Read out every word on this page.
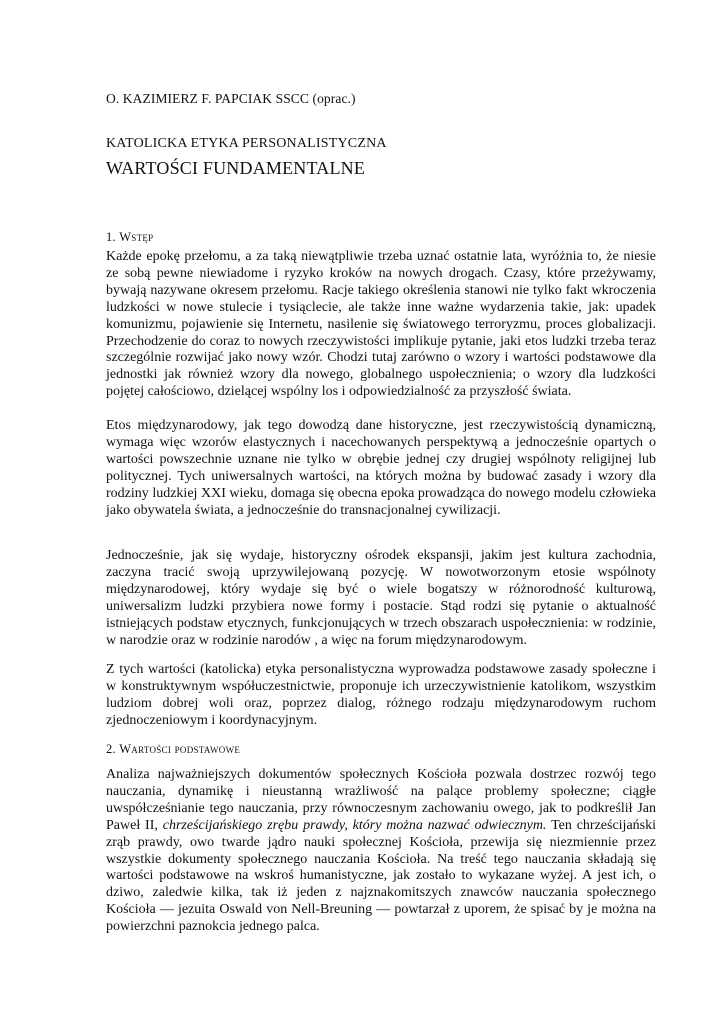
O. KAZIMIERZ F. PAPCIAK SSCC (oprac.)
KATOLICKA ETYKA PERSONALISTYCZNA
WARTOŚCI FUNDAMENTALNE
1. Wstęp

Każde epokę przełomu, a za taką niewątpliwie trzeba uznać ostatnie lata, wyróżnia to, że niesie ze sobą pewne niewiadome i ryzyko kroków na nowych drogach. Czasy, które przeżywamy, bywają nazywane okresem przełomu. Racje takiego określenia stanowi nie tylko fakt wkroczenia ludzkości w nowe stulecie i tysiąclecie, ale także inne ważne wydarzenia takie, jak: upadek komunizmu, pojawienie się Internetu, nasilenie się światowego terroryzmu, proces globalizacji. Przechodzenie do coraz to nowych rzeczywistości implikuje pytanie, jaki etos ludzki trzeba teraz szczególnie rozwijać jako nowy wzór. Chodzi tutaj zarówno o wzory i wartości podstawowe dla jednostki jak również wzory dla nowego, globalnego uspołecznienia; o wzory dla ludzkości pojętej całościowo, dzielącej wspólny los i odpowiedzialność za przyszłość świata.

Etos międzynarodowy, jak tego dowodzą dane historyczne, jest rzeczywistością dynamiczną, wymaga więc wzorów elastycznych i nacechowanych perspektywą a jednocześnie opartych o wartości powszechnie uznane nie tylko w obrębie jednej czy drugiej wspólnoty religijnej lub politycznej. Tych uniwersalnych wartości, na których można by budować zasady i wzory dla rodziny ludzkiej XXI wieku, domaga się obecna epoka prowadząca do nowego modelu człowieka jako obywatela świata, a jednocześnie do transnacjonalnej cywilizacji.

Jednocześnie, jak się wydaje, historyczny ośrodek ekspansji, jakim jest kultura zachodnia, zaczyna tracić swoją uprzywilejowaną pozycję. W nowotworzonym etosie wspólnoty międzynarodowej, który wydaje się być o wiele bogatszy w różnorodność kulturową, uniwersalizm ludzki przybiera nowe formy i postacie. Stąd rodzi się pytanie o aktualność istniejących podstaw etycznych, funkcjonujących w trzech obszarach uspołecznienia: w rodzinie, w narodzie oraz w rodzinie narodów , a więc na forum międzynarodowym.

Z tych wartości (katolicka) etyka personalistyczna wyprowadza podstawowe zasady społeczne i w konstruktywnym współuczestnictwie, proponuje ich urzeczywistnienie katolikom, wszystkim ludziom dobrej woli oraz, poprzez dialog, różnego rodzaju międzynarodowym ruchom zjednoczeniowym i koordynacyjnym.

2. Wartości podstawowe

Analiza najważniejszych dokumentów społecznych Kościoła pozwala dostrzec rozwój tego nauczania, dynamikę i nieustanną wrażliwość na palące problemy społeczne; ciągłe uwspółcześnianie tego nauczania, przy równoczesnym zachowaniu owego, jak to podkreślił Jan Paweł II, chrześcijańskiego zrębu prawdy, który można nazwać odwiecznym. Ten chrześcijański zrąb prawdy, owo twarde jądro nauki społecznej Kościoła, przewija się niezmiennie przez wszystkie dokumenty społecznego nauczania Kościoła. Na treść tego nauczania składają się wartości podstawowe na wskroś humanistyczne, jak zostało to wykazane wyżej. A jest ich, o dziwo, zaledwie kilka, tak iż jeden z najznakomitszych znawców nauczania społecznego Kościoła — jezuita Oswald von Nell-Breuning — powtarzał z uporem, że spisać by je można na powierzchni paznokcia jednego palca.
